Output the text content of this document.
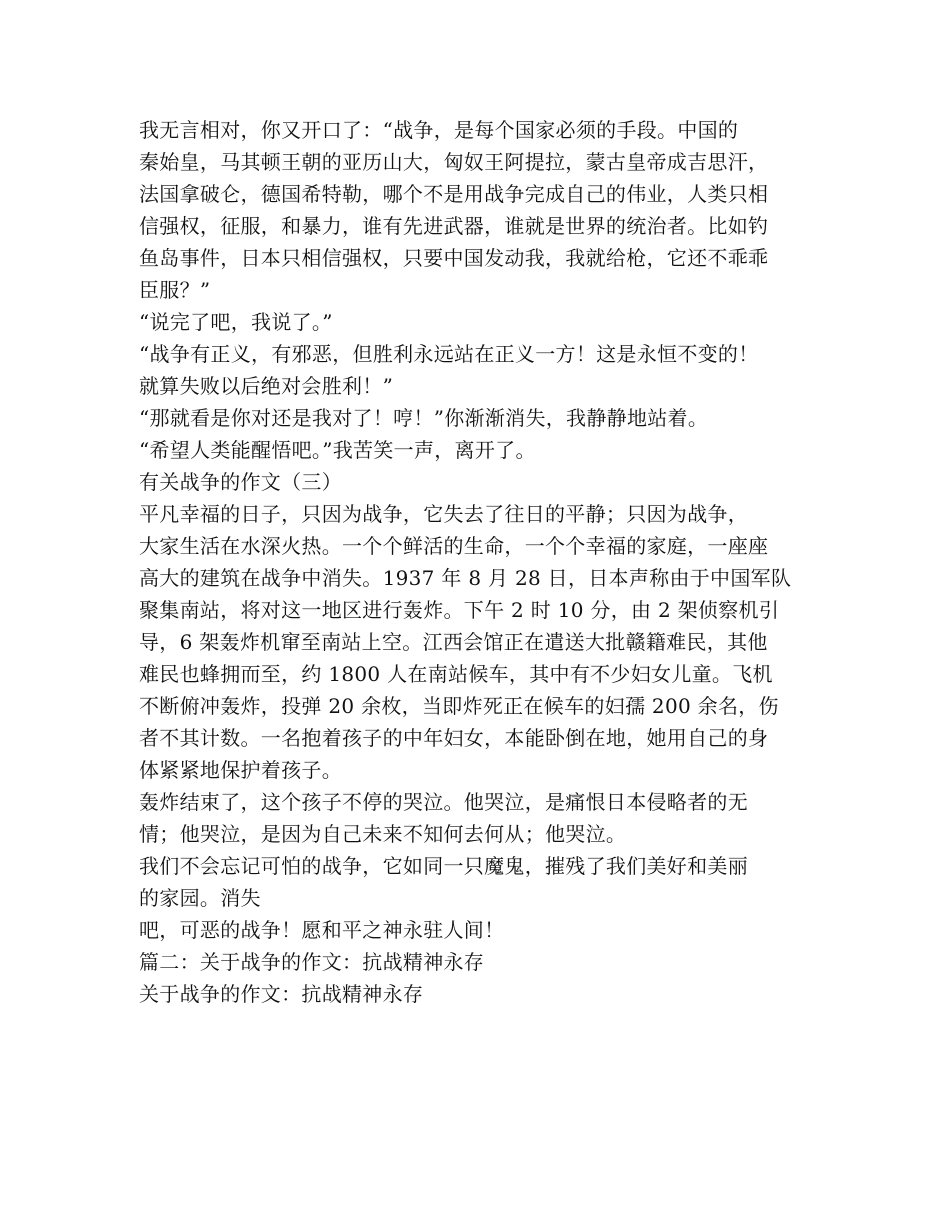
我无言相对，你又开口了：“战争，是每个国家必须的手段。中国的
秦始皇，马其顿王朝的亚历山大，匈奴王阿提拉，蒙古皇帝成吉思汗，
法国拿破仑，德国希特勒，哪个不是用战争完成自己的伟业，人类只相
信强权，征服，和暴力，谁有先进武器，谁就是世界的统治者。比如钓
鱼岛事件，日本只相信强权，只要中国发动我，我就给枪，它还不乖乖
臣服？”
“说完了吧，我说了。”
“战争有正义，有邪恶，但胜利永远站在正义一方！这是永恒不变的！
就算失败以后绝对会胜利！”
“那就看是你对还是我对了！哼！”你渐渐消失，我静静地站着。
“希望人类能醒悟吧。”我苦笑一声，离开了。
有关战争的作文（三）
平凡幸福的日子，只因为战争，它失去了往日的平静；只因为战争，
大家生活在水深火热。一个个鲜活的生命，一个个幸福的家庭，一座座
高大的建筑在战争中消失。1937 年 8 月 28 日，日本声称由于中国军队
聚集南站，将对这一地区进行轰炸。下午 2 时 10 分，由 2 架侦察机引
导，6 架轰炸机窜至南站上空。江西会馆正在遣送大批赣籍难民，其他
难民也蜂拥而至，约 1800 人在南站候车，其中有不少妇女儿童。飞机
不断俯冲轰炸，投弹 20 余枚，当即炸死正在候车的妇孺 200 余名，伤
者不其计数。一名抱着孩子的中年妇女，本能卧倒在地，她用自己的身
体紧紧地保护着孩子。
轰炸结束了，这个孩子不停的哭泣。他哭泣，是痛恨日本侵略者的无
情；他哭泣，是因为自己未来不知何去何从；他哭泣。
我们不会忘记可怕的战争，它如同一只魔鬼，摧残了我们美好和美丽
的家园。消失
吧，可恶的战争！愿和平之神永驻人间！
篇二：关于战争的作文：抗战精神永存
关于战争的作文：抗战精神永存
